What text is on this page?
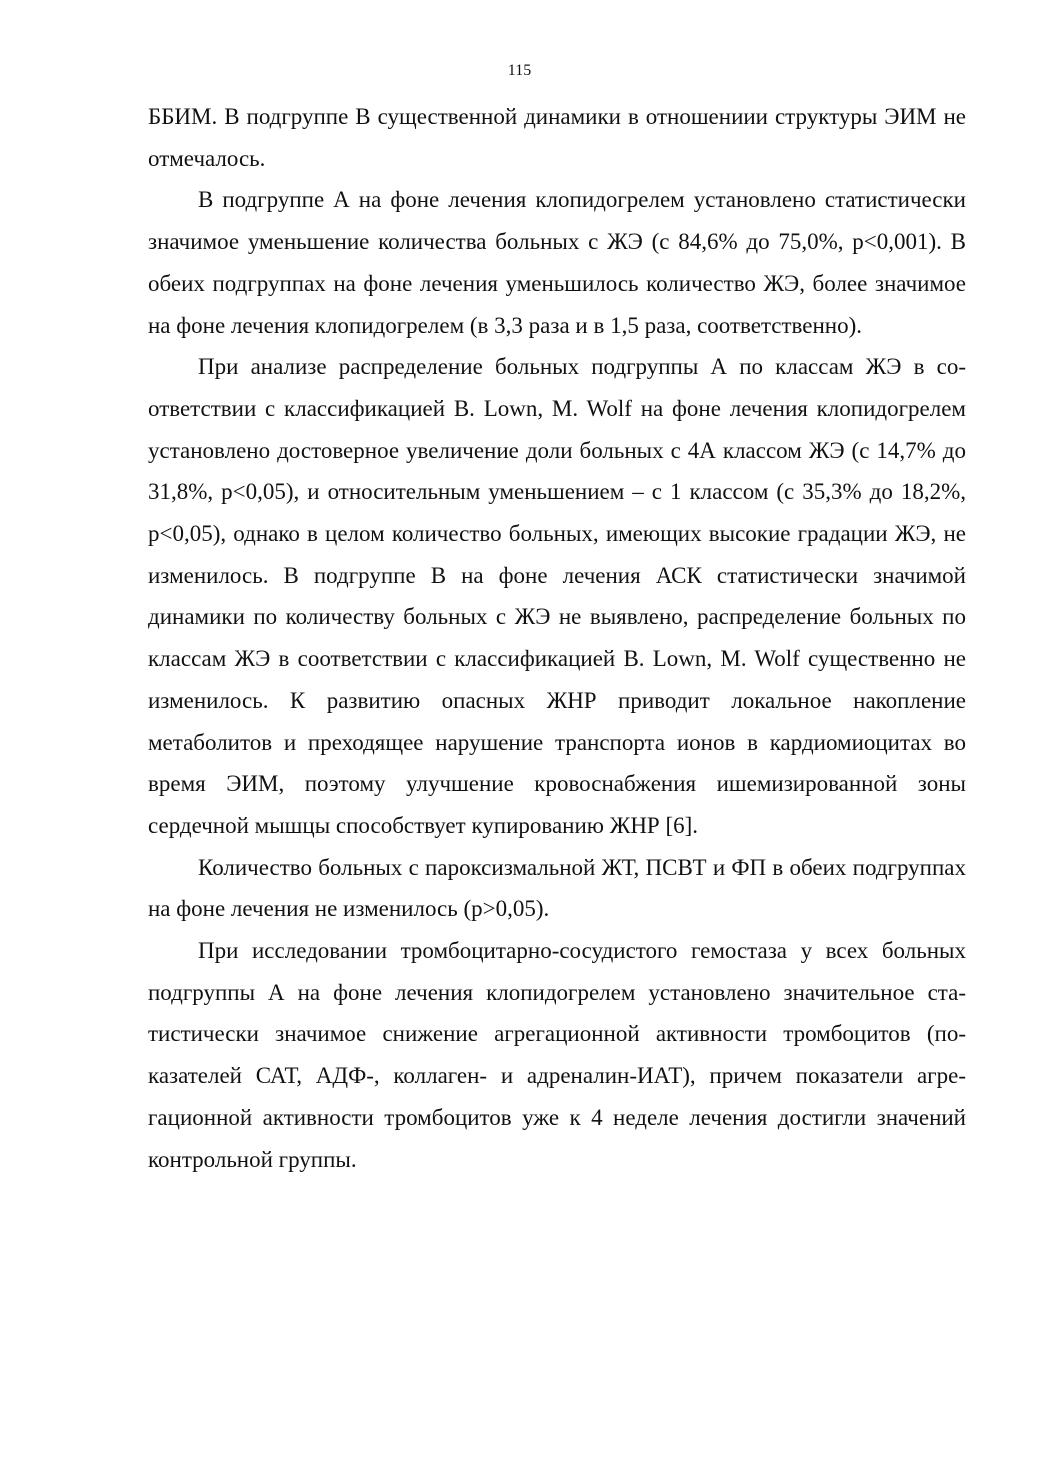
115

ББИМ. В подгруппе В существенной динамики в отношениии структуры ЭИМ не отмечалось.

В подгруппе А на фоне лечения клопидогрелем установлено статистически значимое уменьшение количества больных с ЖЭ (с 84,6% до 75,0%, p<0,001). В обеих подгруппах на фоне лечения уменьшилось количество ЖЭ, более значимое на фоне лечения клопидогрелем (в 3,3 раза и в 1,5 раза, соответственно).

При анализе распределение больных подгруппы А по классам ЖЭ в соответствии с классификацией B. Lown, M. Wolf на фоне лечения клопидогрелем установлено достоверное увеличение доли больных с 4А классом ЖЭ (с 14,7% до 31,8%, p<0,05), и относительным уменьшением – с 1 классом (с 35,3% до 18,2%, p<0,05), однако в целом количество больных, имеющих высокие градации ЖЭ, не изменилось. В подгруппе В на фоне лечения АСК статистически значимой динамики по количеству больных с ЖЭ не выявлено, распределение больных по классам ЖЭ в соответствии с классификацией B. Lown, M. Wolf существенно не изменилось. К развитию опасных ЖНР приводит локальное накопление метаболитов и преходящее нарушение транспорта ионов в кардиомиоцитах во время ЭИМ, поэтому улучшение кровоснабжения ишемизированной зоны сердечной мышцы способствует купированию ЖНР [6].

Количество больных с пароксизмальной ЖТ, ПСВТ и ФП в обеих подгруппах на фоне лечения не изменилось (p>0,05).

При исследовании тромбоцитарно-сосудистого гемостаза у всех больных подгруппы А на фоне лечения клопидогрелем установлено значительное статистически значимое снижение агрегационной активности тромбоцитов (показателей САТ, АДФ-, коллаген- и адреналин-ИАТ), причем показатели агрегационной активности тромбоцитов уже к 4 неделе лечения достигли значений контрольной группы.
